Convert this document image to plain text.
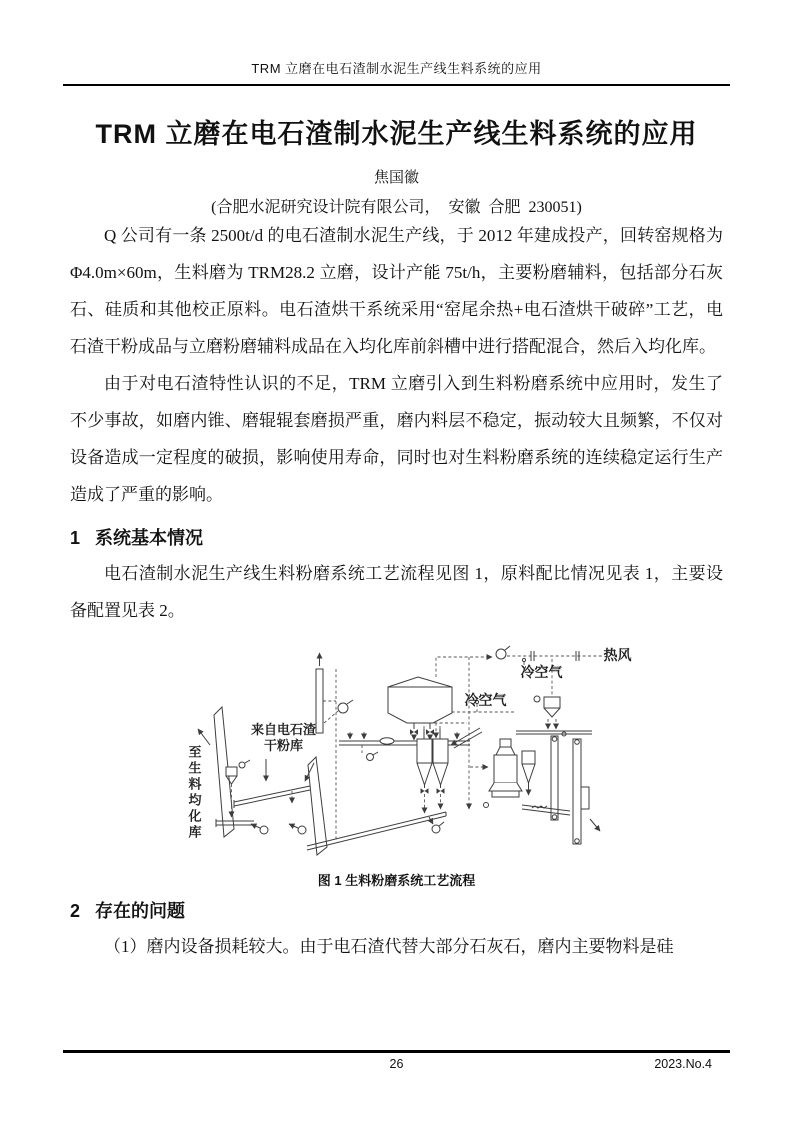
TRM 立磨在电石渣制水泥生产线生料系统的应用
TRM 立磨在电石渣制水泥生产线生料系统的应用
焦国徽
(合肥水泥研究设计院有限公司，  安徽  合肥  230051)

Q 公司有一条 2500t/d 的电石渣制水泥生产线，于 2012 年建成投产，回转窑规格为Φ4.0m×60m，生料磨为 TRM28.2 立磨，设计产能 75t/h，主要粉磨辅料，包括部分石灰石、硅质和其他校正原料。电石渣烘干系统采用“窑尾余热+电石渣烘干破碎”工艺，电石渣干粉成品与立磨粉磨辅料成品在入均化库前斜槽中进行搭配混合，然后入均化库。

由于对电石渣特性认识的不足，TRM 立磨引入到生料粉磨系统中应用时，发生了不少事故，如磨内锥、磨辊辊套磨损严重，磨内料层不稳定，振动较大且频繁，不仅对设备造成一定程度的破损，影响使用寿命，同时也对生料粉磨系统的连续稳定运行生产造成了严重的影响。

1 系统基本情况

电石渣制水泥生产线生料粉磨系统工艺流程见图 1，原料配比情况见表 1，主要设备配置见表 2。

热风
冷空气
冷空气
来自电石渣
干粉库
至生料均化库
图 1 生料粉磨系统工艺流程
2 存在的问题

（1）磨内设备损耗较大。由于电石渣代替大部分石灰石，磨内主要物料是硅

26	2023.No.4
